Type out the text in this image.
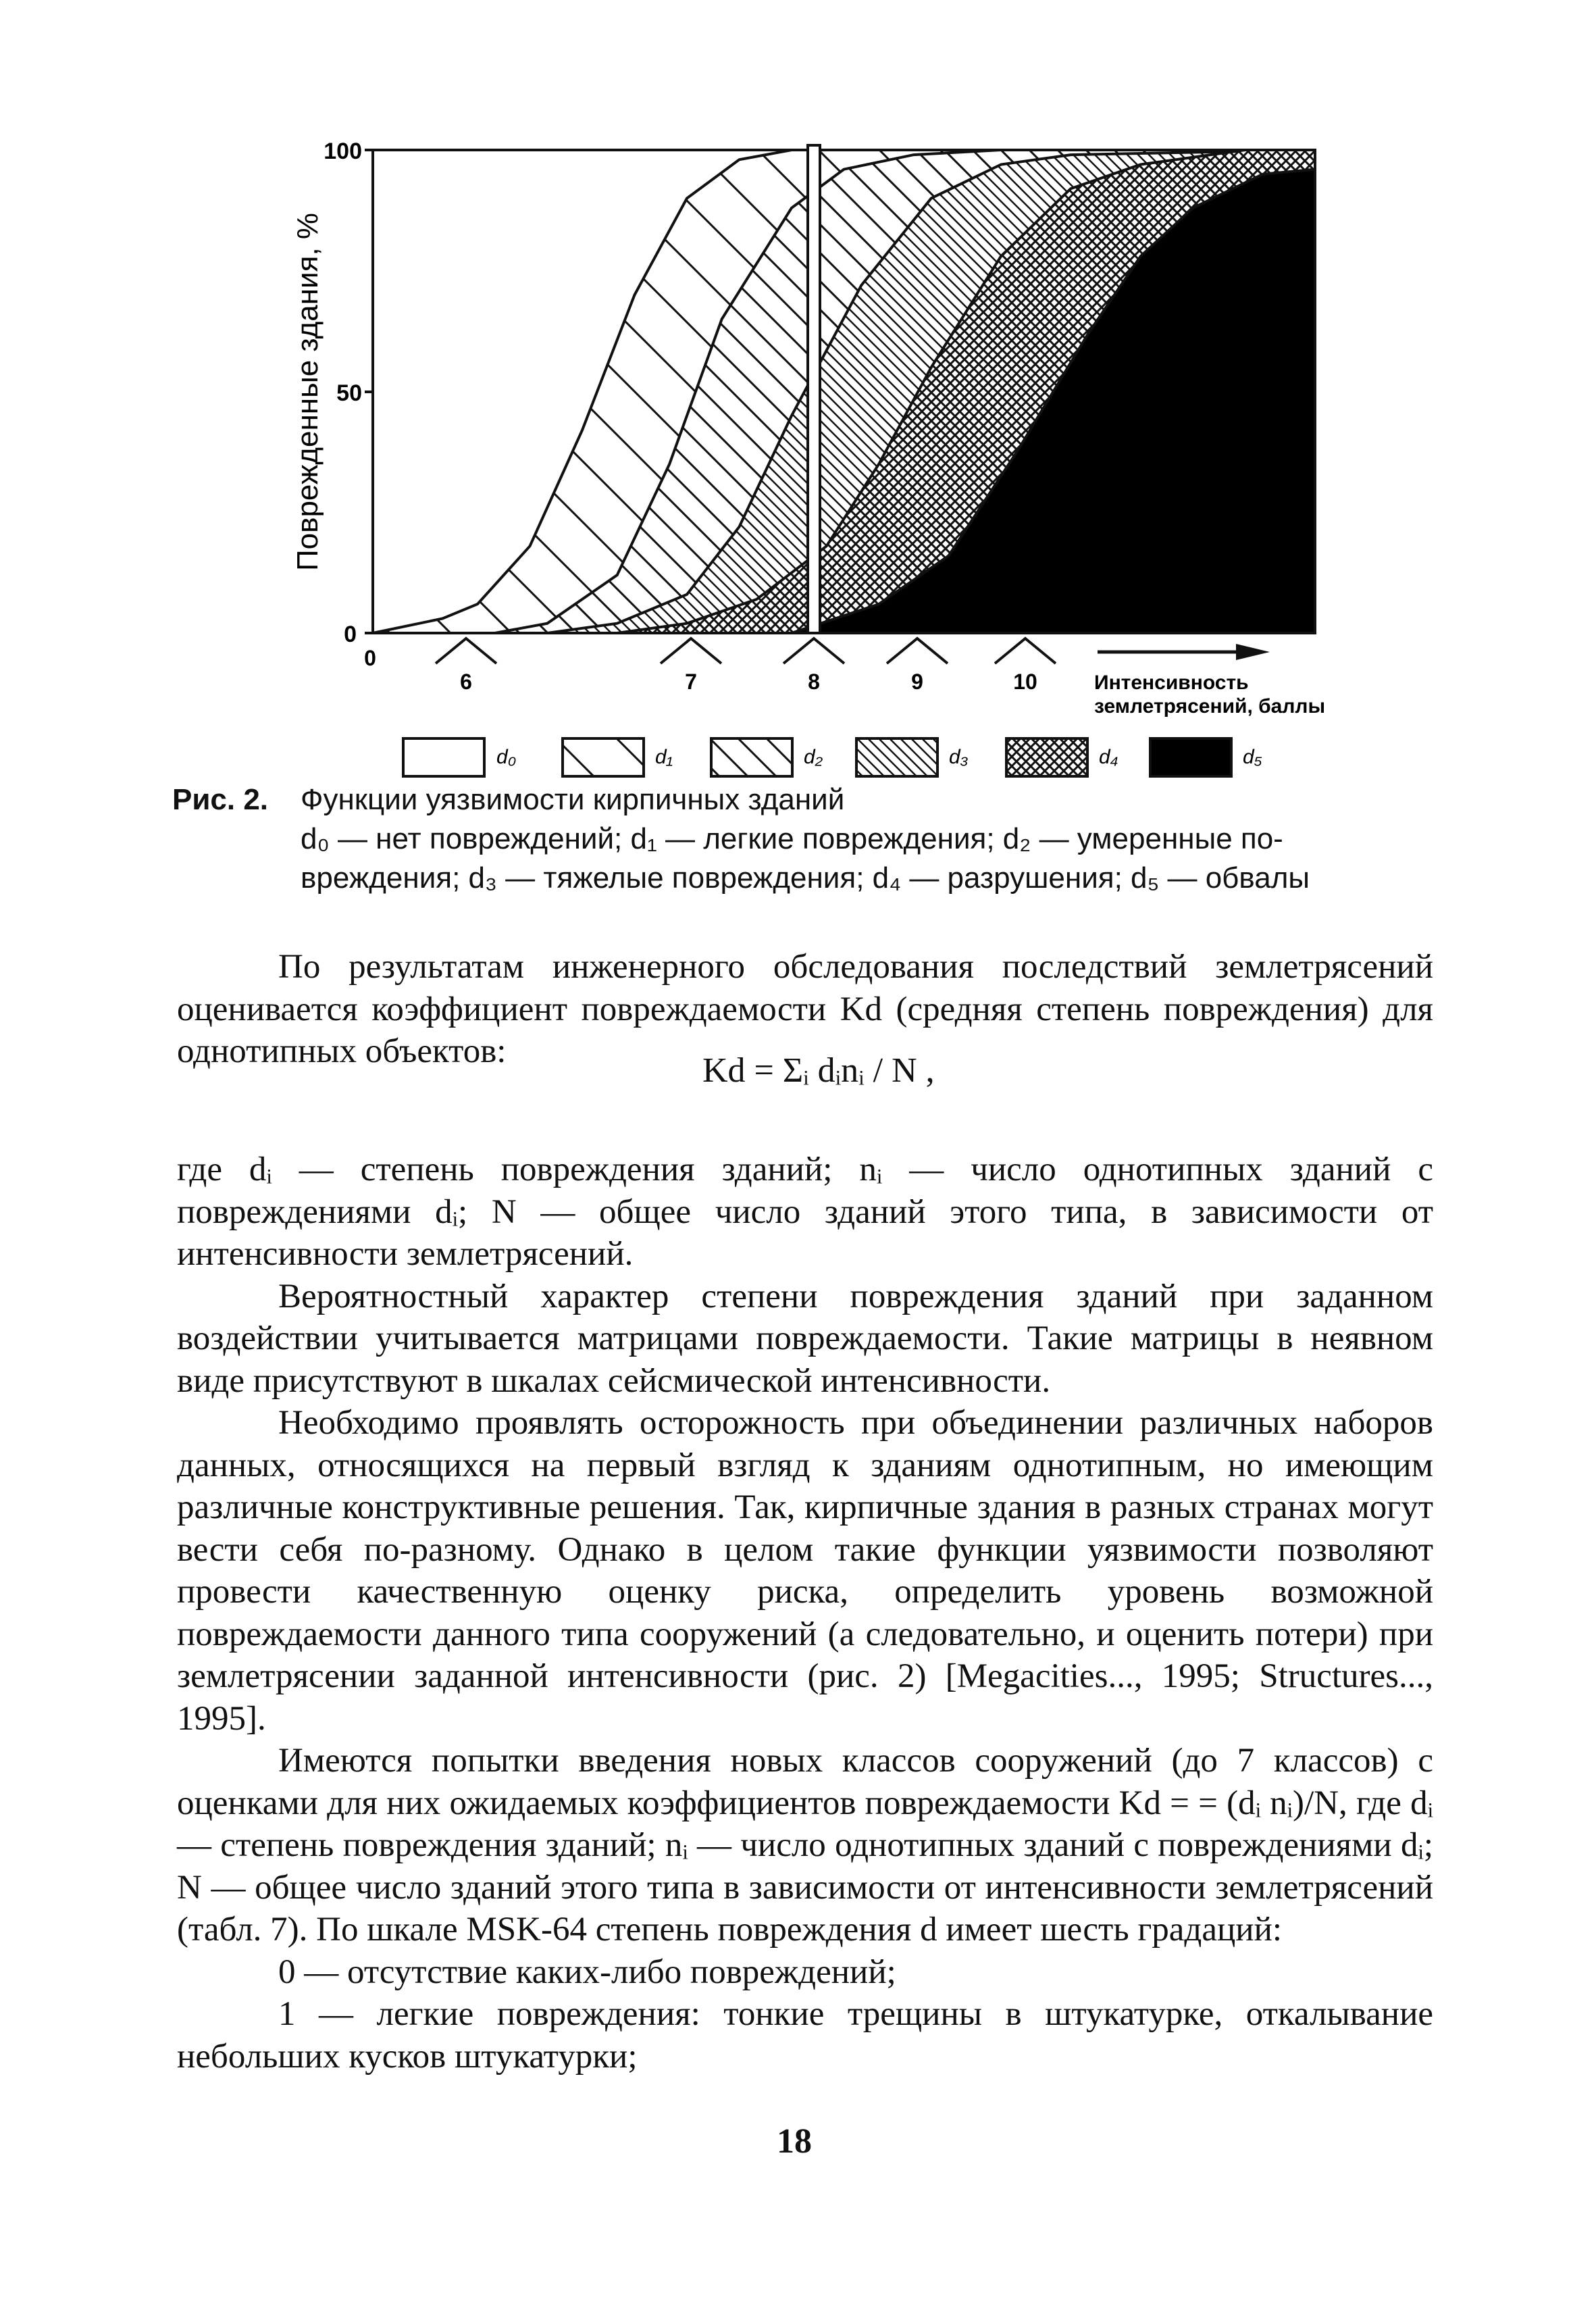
100
50
0
0
Поврежденные здания, %
6	7	8	9	10	Интенсивность
землетрясений, баллы
d₀	d₁	d₂	d₃	d₄	d₅
Рис. 2. Функции уязвимости кирпичных зданий
d₀ — нет повреждений; d₁ — легкие повреждения; d₂ — умеренные по-
вреждения; d₃ — тяжелые повреждения; d₄ — разрушения; d₅ — обвалы

По результатам инженерного обследования последствий землетрясений оценивается коэффициент повреждаемости Kd (средняя степень повреждения) для однотипных объектов:	Kd = Σᵢ dᵢnᵢ / N ,

где dᵢ — степень повреждения зданий; nᵢ — число однотипных зданий с повреждениями dᵢ; N — общее число зданий этого типа, в зависимости от интенсивности землетрясений.

Вероятностный характер степени повреждения зданий при заданном воздействии учитывается матрицами повреждаемости. Такие матрицы в неявном виде присутствуют в шкалах сейсмической интенсивности.

Необходимо проявлять осторожность при объединении различных наборов данных, относящихся на первый взгляд к зданиям однотипным, но имеющим различные конструктивные решения. Так, кирпичные здания в разных странах могут вести себя по-разному. Однако в целом такие функции уязвимости позволяют провести качественную оценку риска, определить уровень возможной повреждаемости данного типа сооружений (а следовательно, и оценить потери) при землетрясении заданной интенсивности (рис. 2) [Megacities..., 1995; Structures..., 1995].

Имеются попытки введения новых классов сооружений (до 7 классов) с оценками для них ожидаемых коэффициентов повреждаемости Kd = = (dᵢ nᵢ)/N, где dᵢ — степень повреждения зданий; nᵢ — число однотипных зданий с повреждениями dᵢ; N — общее число зданий этого типа в зависимости от интенсивности землетрясений (табл. 7). По шкале MSK-64 степень повреждения d имеет шесть градаций:

0 — отсутствие каких-либо повреждений;

1 — легкие повреждения: тонкие трещины в штукатурке, откалывание небольших кусков штукатурки;

18
